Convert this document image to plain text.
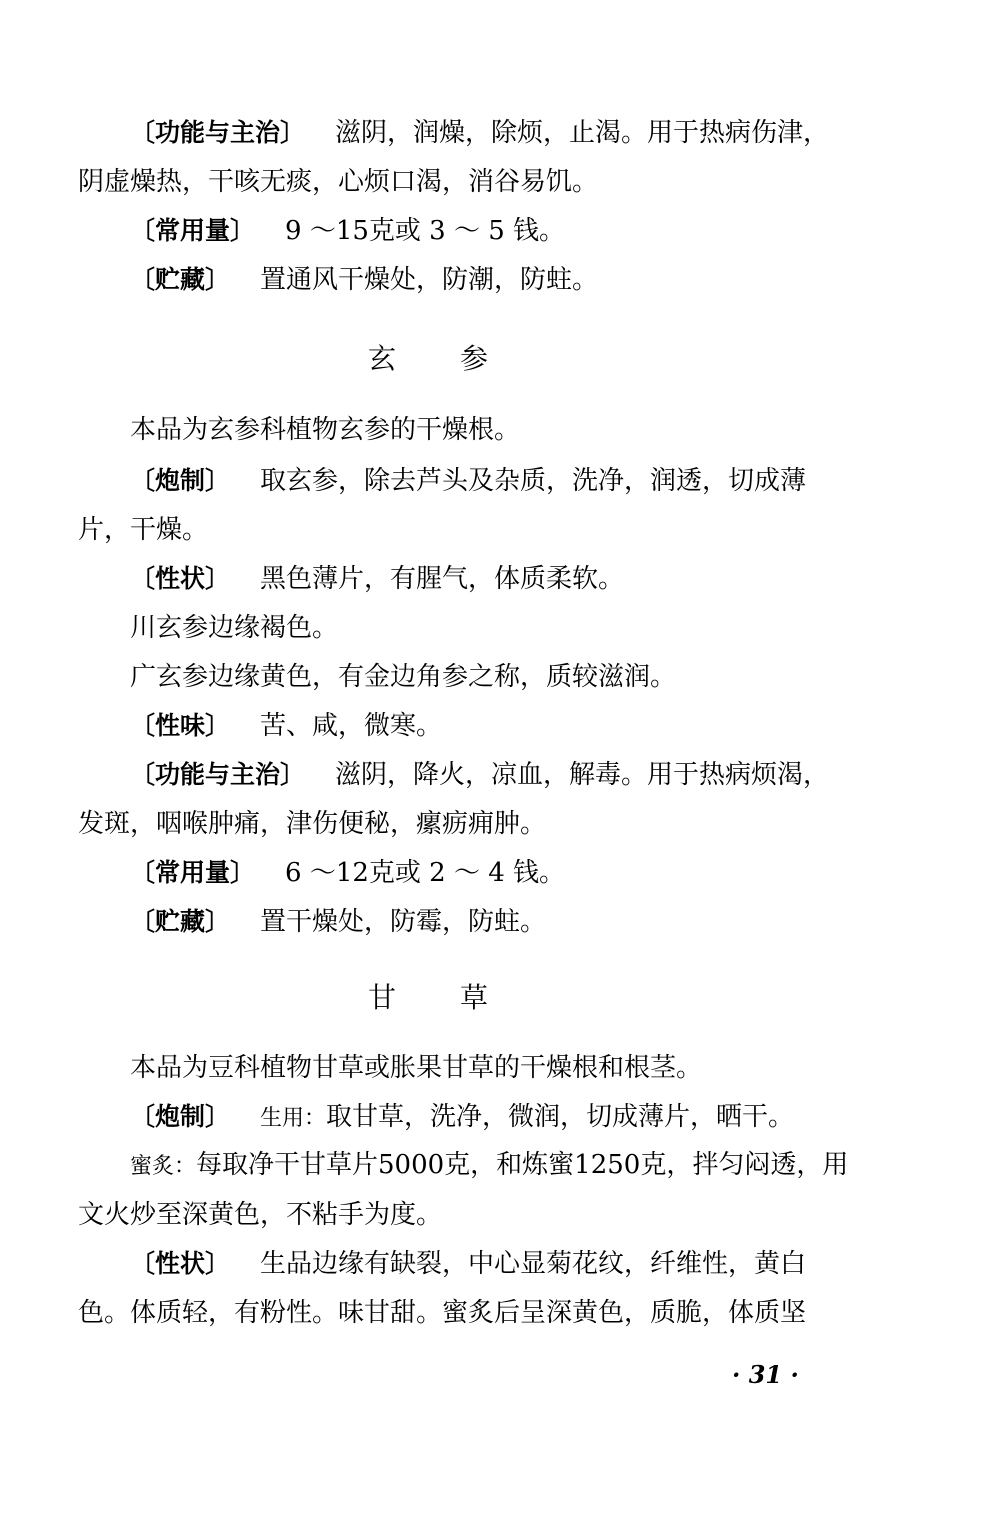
〔功能与主治〕 滋阴，润燥，除烦，止渴。用于热病伤津，阴虚燥热，干咳无痰，心烦口渴，消谷易饥。

〔常用量〕 9 ～15克或 3 ～ 5 钱。

〔贮藏〕 置通风干燥处，防潮，防蛀。

玄参

本品为玄参科植物玄参的干燥根。

〔炮制〕 取玄参，除去芦头及杂质，洗净，润透，切成薄片，干燥。

〔性状〕 黑色薄片，有腥气，体质柔软。

川玄参边缘褐色。

广玄参边缘黄色，有金边角参之称，质较滋润。

〔性味〕 苦、咸，微寒。

〔功能与主治〕 滋阴，降火，凉血，解毒。用于热病烦渴，发斑，咽喉肿痛，津伤便秘，瘰疬痈肿。

〔常用量〕 6 ～12克或 2 ～ 4 钱。

〔贮藏〕 置干燥处，防霉，防蛀。

甘草

本品为豆科植物甘草或胀果甘草的干燥根和根茎。

〔炮制〕 生用：取甘草，洗净，微润，切成薄片，晒干。

蜜炙：每取净干甘草片5000克，和炼蜜1250克，拌匀闷透，用文火炒至深黄色，不粘手为度。

〔性状〕 生品边缘有缺裂，中心显菊花纹，纤维性，黄白色。体质轻，有粉性。味甘甜。蜜炙后呈深黄色，质脆，体质坚

· 31 ·
